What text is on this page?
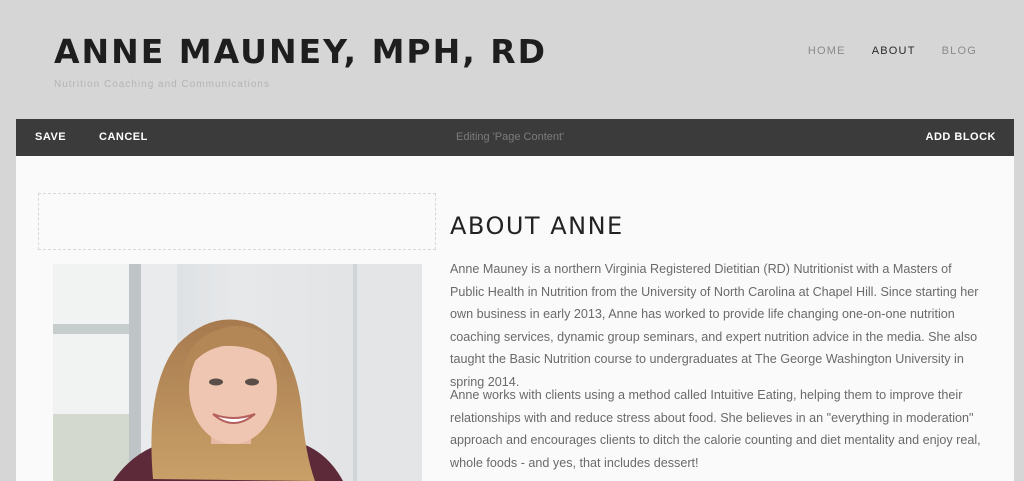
ANNE MAUNEY, MPH, RD
Nutrition Coaching and Communications
HOME ABOUT BLOG
SAVE	CANCEL	Editing 'Page Content'	ADD BLOCK
ABOUT ANNE

Anne Mauney is a northern Virginia Registered Dietitian (RD) Nutritionist with a Masters of Public Health in Nutrition from the University of North Carolina at Chapel Hill. Since starting her own business in early 2013, Anne has worked to provide life changing one-on-one nutrition coaching services, dynamic group seminars, and expert nutrition advice in the media. She also taught the Basic Nutrition course to undergraduates at The George Washington University in spring 2014.

Anne works with clients using a method called Intuitive Eating, helping them to improve their relationships with and reduce stress about food. She believes in an "everything in moderation" approach and encourages clients to ditch the calorie counting and diet mentality and enjoy real, whole foods - and yes, that includes dessert!
